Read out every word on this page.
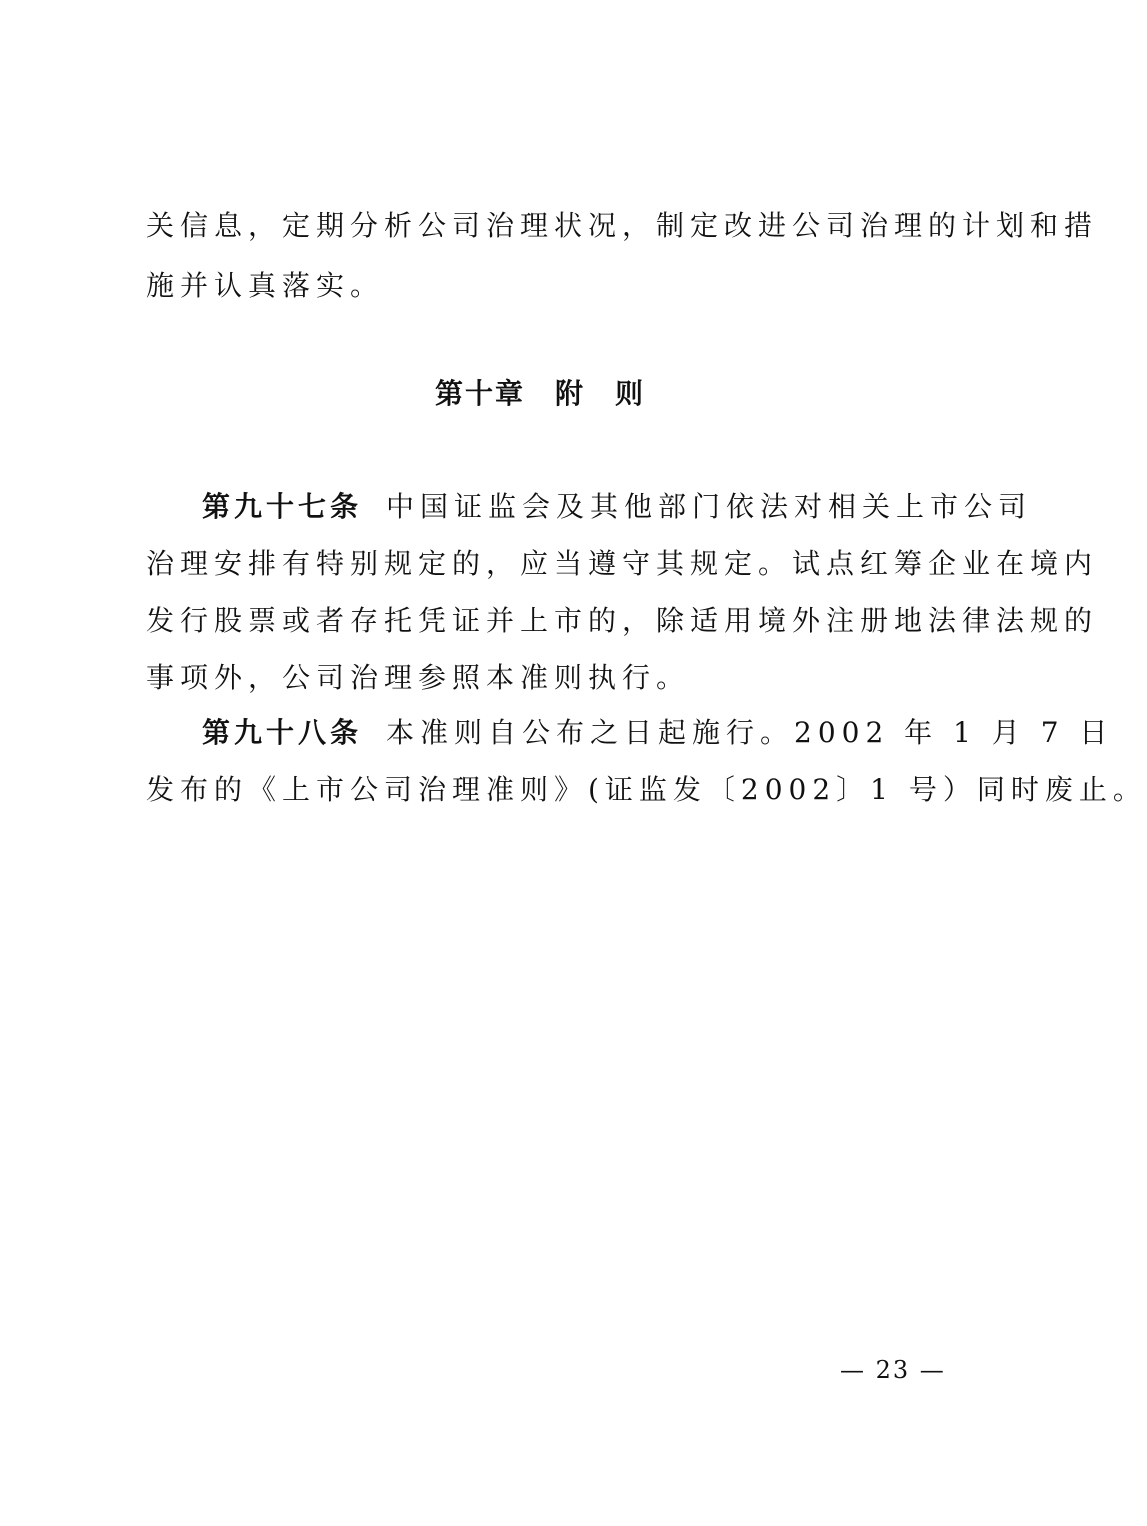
关信息，定期分析公司治理状况，制定改进公司治理的计划和措
施并认真落实。
第十章　附　则
第九十七条 中国证监会及其他部门依法对相关上市公司
治理安排有特别规定的，应当遵守其规定。试点红筹企业在境内
发行股票或者存托凭证并上市的，除适用境外注册地法律法规的
事项外，公司治理参照本准则执行。
第九十八条 本准则自公布之日起施行。2002 年 1 月 7 日
发布的《上市公司治理准则》(证监发〔2002〕1 号）同时废止。
— 23 —
